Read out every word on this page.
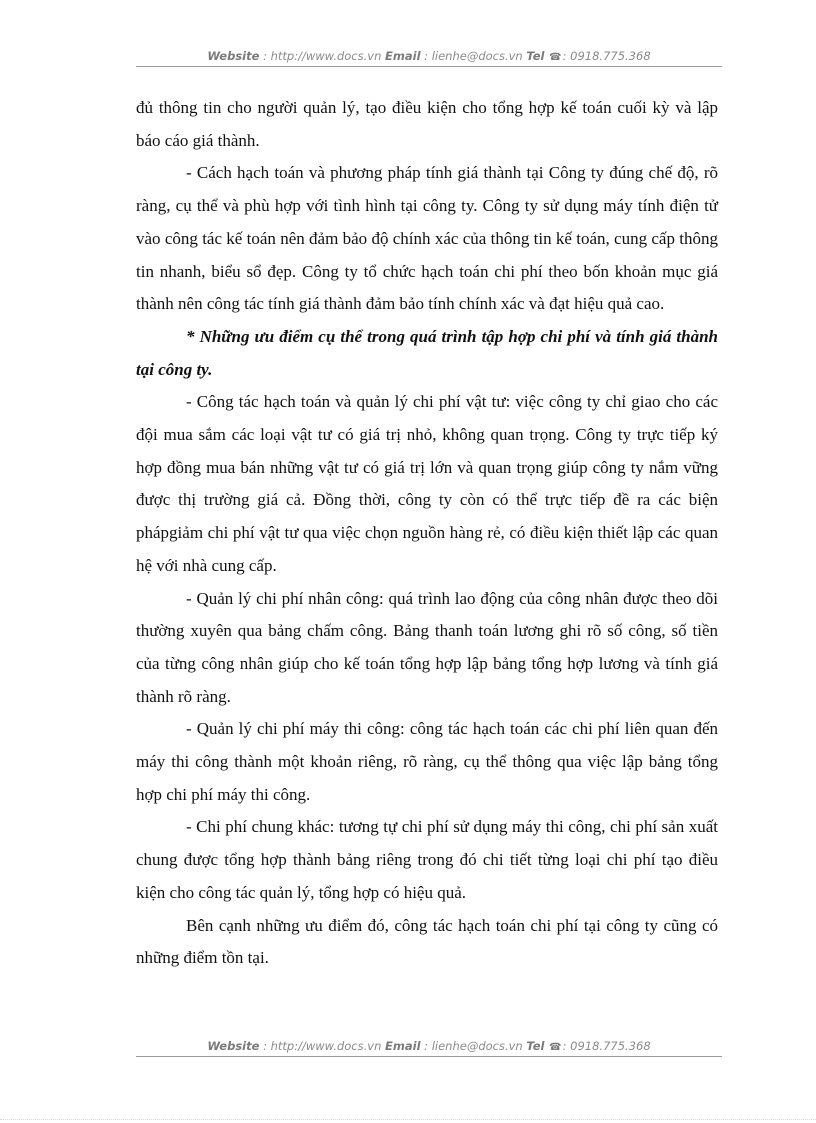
Website : http://www.docs.vn Email : lienhe@docs.vn Tel ☎: 0918.775.368

đủ thông tin cho người quản lý, tạo điều kiện cho tổng hợp kế toán cuối kỳ và lập báo cáo giá thành.

- Cách hạch toán và phương pháp tính giá thành tại Công ty đúng chế độ, rõ ràng, cụ thể và phù hợp với tình hình tại công ty. Công ty sử dụng máy tính điện tử vào công tác kế toán nên đảm bảo độ chính xác của thông tin kế toán, cung cấp thông tin nhanh, biểu sổ đẹp. Công ty tổ chức hạch toán chi phí theo bốn khoản mục giá thành nên công tác tính giá thành đảm bảo tính chính xác và đạt hiệu quả cao.

* Những ưu điểm cụ thể trong quá trình tập hợp chi phí và tính giá thành tại công ty.

- Công tác hạch toán và quản lý chi phí vật tư: việc công ty chỉ giao cho các đội mua sắm các loại vật tư có giá trị nhỏ, không quan trọng. Công ty trực tiếp ký hợp đồng mua bán những vật tư có giá trị lớn và quan trọng giúp công ty nắm vững được thị trường giá cả. Đồng thời, công ty còn có thể trực tiếp đề ra các biện phápgiảm chi phí vật tư qua việc chọn nguồn hàng rẻ, có điều kiện thiết lập các quan hệ với nhà cung cấp.

- Quản lý chi phí nhân công: quá trình lao động của công nhân được theo dõi thường xuyên qua bảng chấm công. Bảng thanh toán lương ghi rõ số công, số tiền của từng công nhân giúp cho kế toán tổng hợp lập bảng tổng hợp lương và tính giá thành rõ ràng.

- Quản lý chi phí máy thi công: công tác hạch toán các chi phí liên quan đến máy thi công thành một khoản riêng, rõ ràng, cụ thể thông qua việc lập bảng tổng hợp chi phí máy thi công.

- Chi phí chung khác: tương tự chi phí sử dụng máy thi công, chi phí sản xuất chung được tổng hợp thành bảng riêng trong đó chi tiết từng loại chi phí tạo điều kiện cho công tác quản lý, tổng hợp có hiệu quả.

Bên cạnh những ưu điểm đó, công tác hạch toán chi phí tại công ty cũng có những điểm tồn tại.

Website : http://www.docs.vn Email : lienhe@docs.vn Tel ☎: 0918.775.368
